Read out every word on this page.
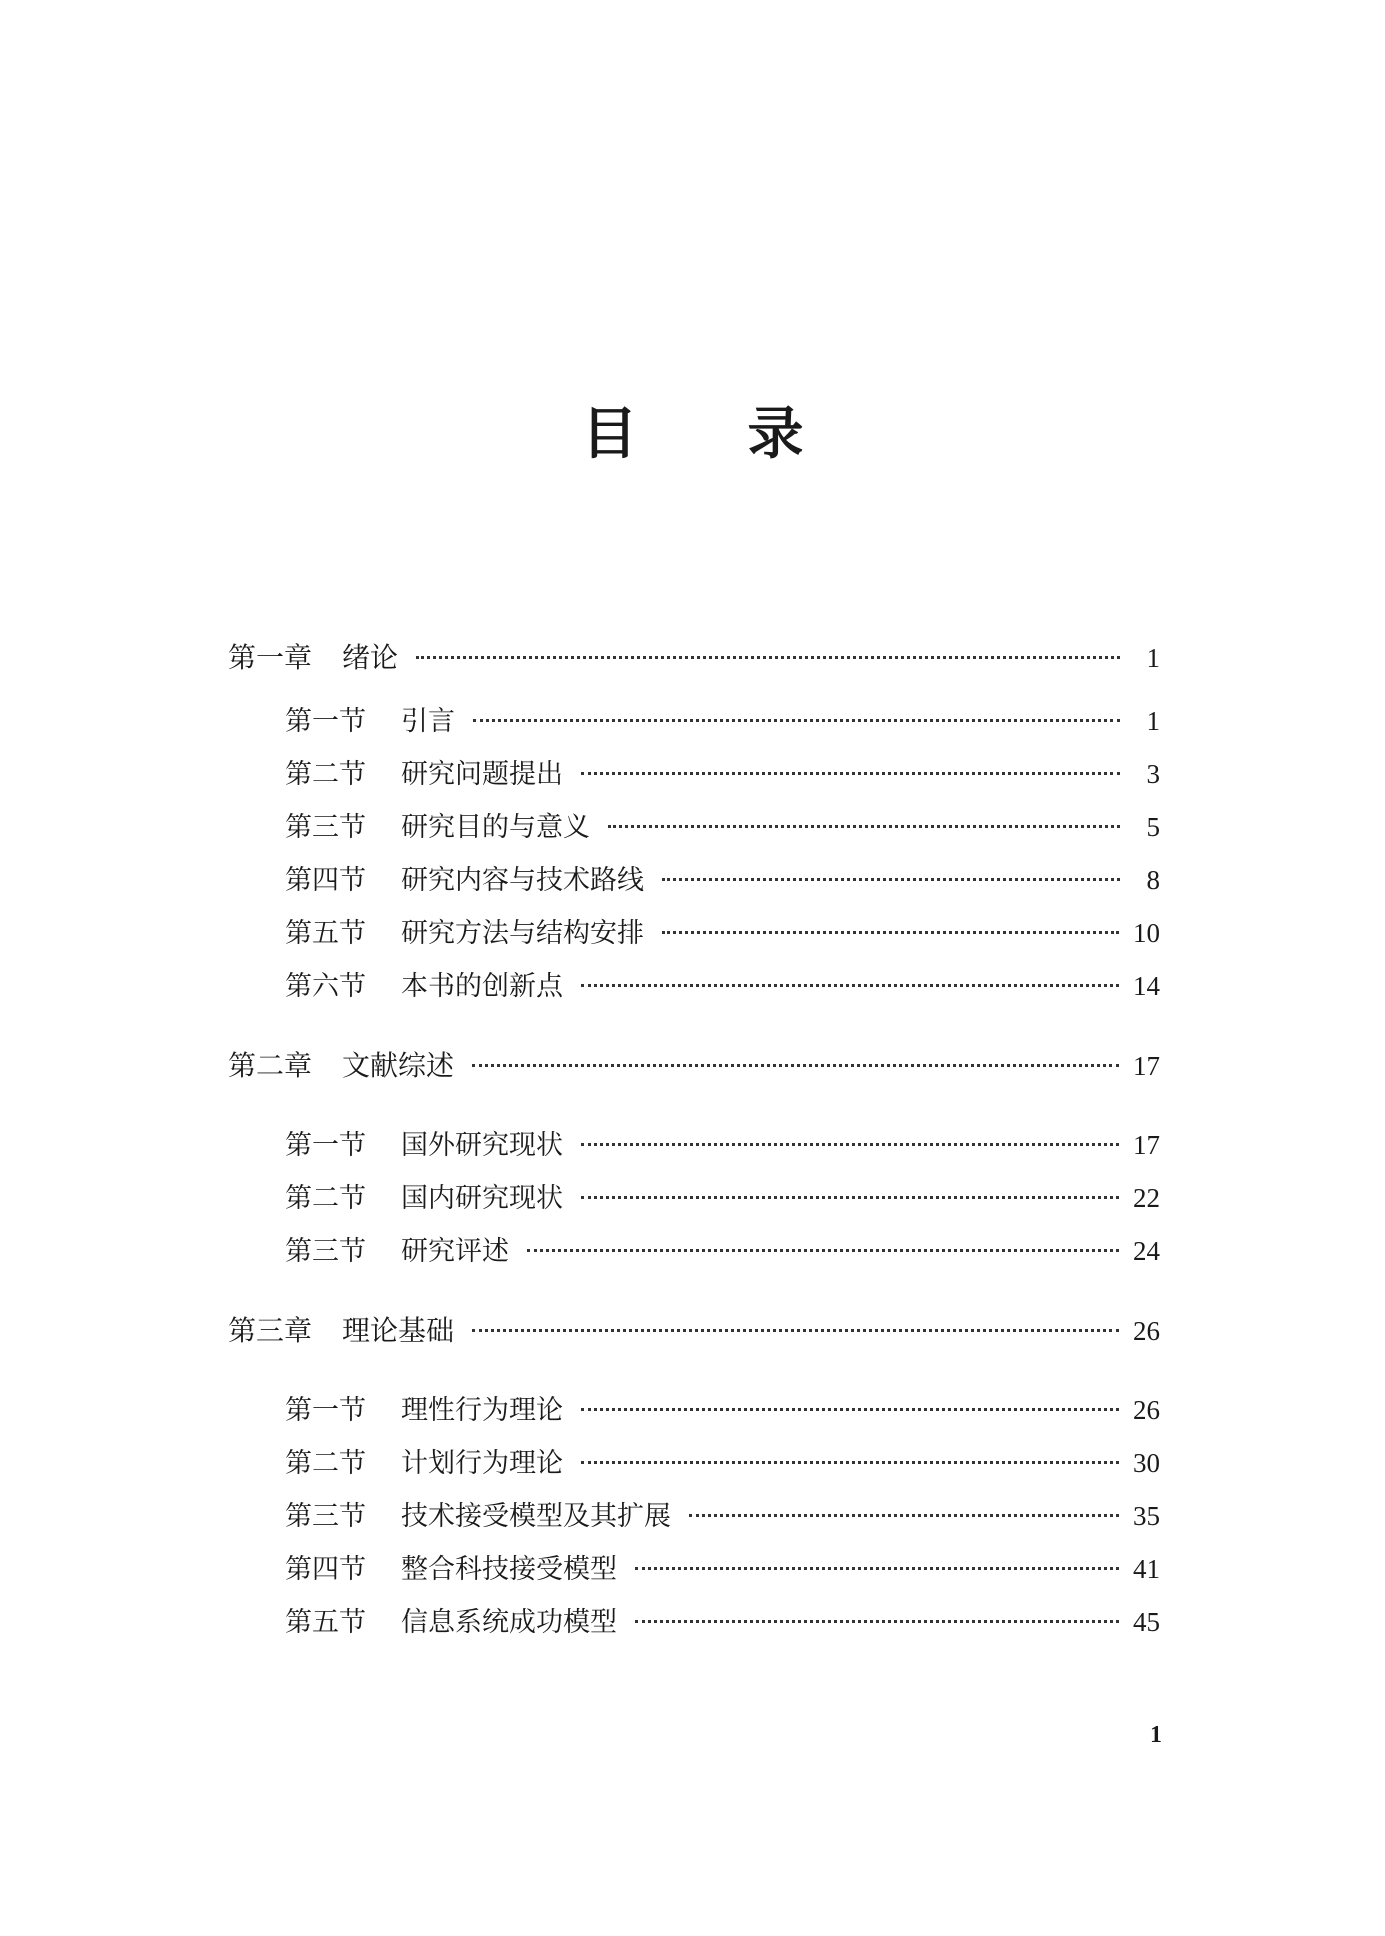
目录
第一章	绪论	1
第一节	引言	1
第二节	研究问题提出	3
第三节	研究目的与意义	5
第四节	研究内容与技术路线	8
第五节	研究方法与结构安排	10
第六节	本书的创新点	14
第二章	文献综述	17
第一节	国外研究现状	17
第二节	国内研究现状	22
第三节	研究评述	24
第三章	理论基础	26
第一节	理性行为理论	26
第二节	计划行为理论	30
第三节	技术接受模型及其扩展	35
第四节	整合科技接受模型	41
第五节	信息系统成功模型	45
1
